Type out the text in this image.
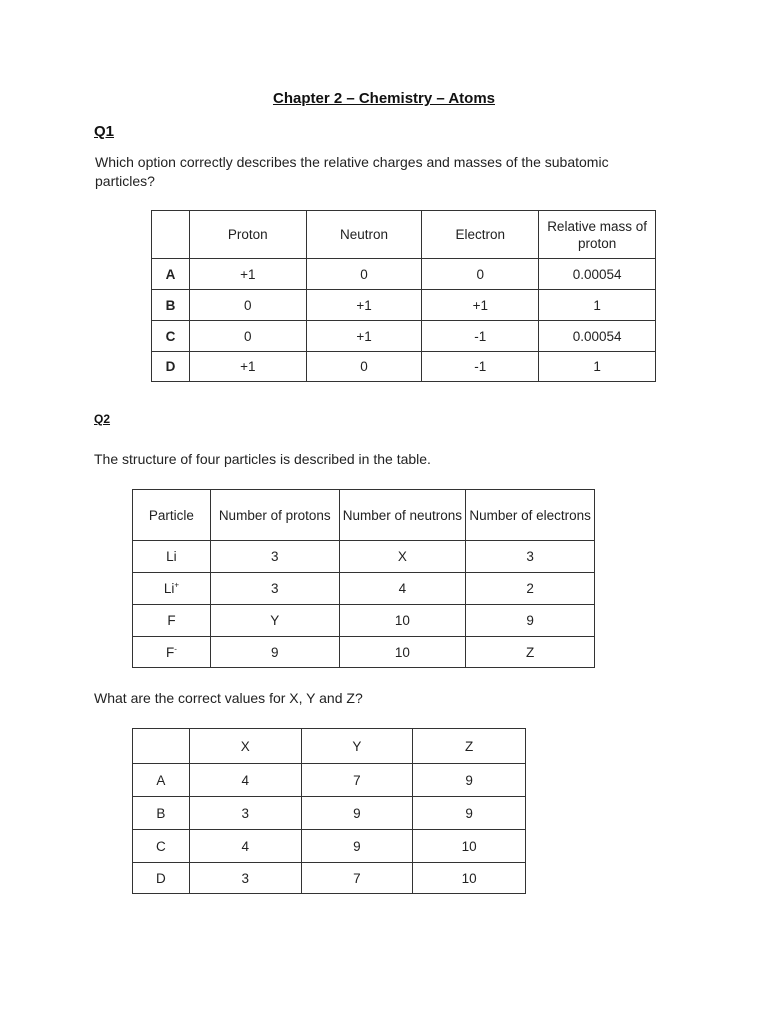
Chapter 2 – Chemistry – Atoms
Q1
Which option correctly describes the relative charges and masses of the subatomic particles?
	Proton	Neutron	Electron	Relative mass of proton
A	+1	0	0	0.00054
B	0	+1	+1	1
C	0	+1	-1	0.00054
D	+1	0	-1	1
Q2
The structure of four particles is described in the table.
Particle	Number of protons	Number of neutrons	Number of electrons
Li	3	X	3
Li+	3	4	2
F	Y	10	9
F-	9	10	Z
What are the correct values for X, Y and Z?
	X	Y	Z
A	4	7	9
B	3	9	9
C	4	9	10
D	3	7	10
